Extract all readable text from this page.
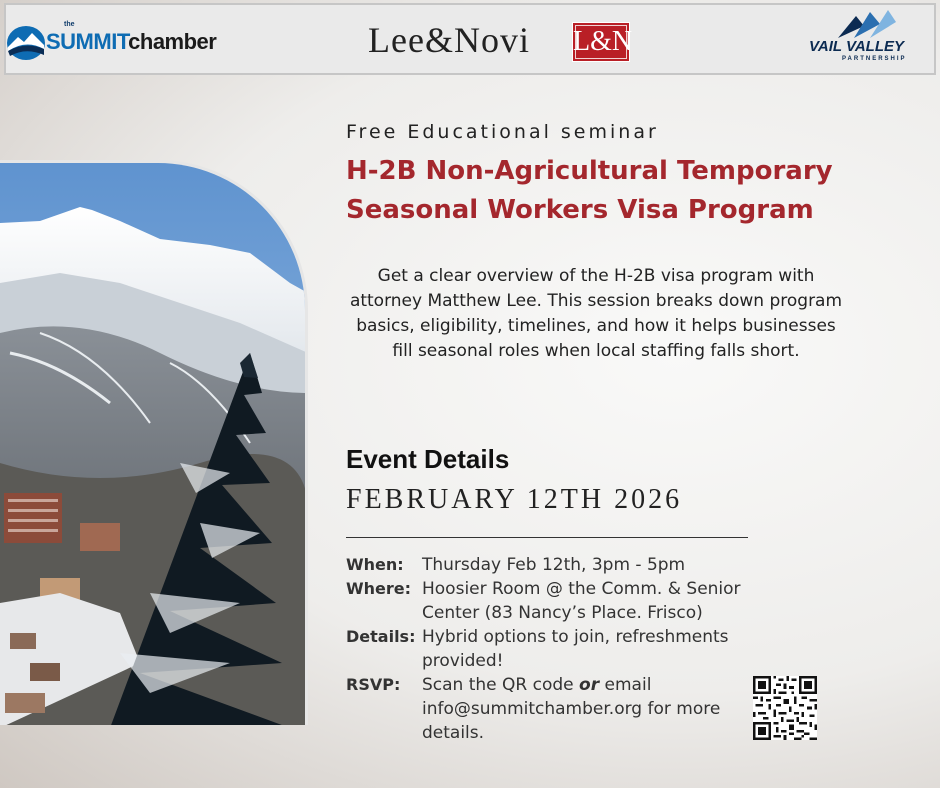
the
SUMMITchamber	Lee&Novi L&N	VAIL VALLEY
PARTNERSHIP
Free Educational seminar
H-2B Non-Agricultural Temporary
Seasonal Workers Visa Program
Get a clear overview of the H-2B visa program with attorney Matthew Lee. This session breaks down program basics, eligibility, timelines, and how it helps businesses fill seasonal roles when local staffing falls short.
Event Details
FEBRUARY 12TH 2026
When:	Thursday Feb 12th, 3pm - 5pm
Where: Hoosier Room @ the Comm. & Senior Center (83 Nancy’s Place. Frisco)
Details: Hybrid options to join, refreshments provided!
RSVP:	Scan the QR code or email info@summitchamber.org for more details.
